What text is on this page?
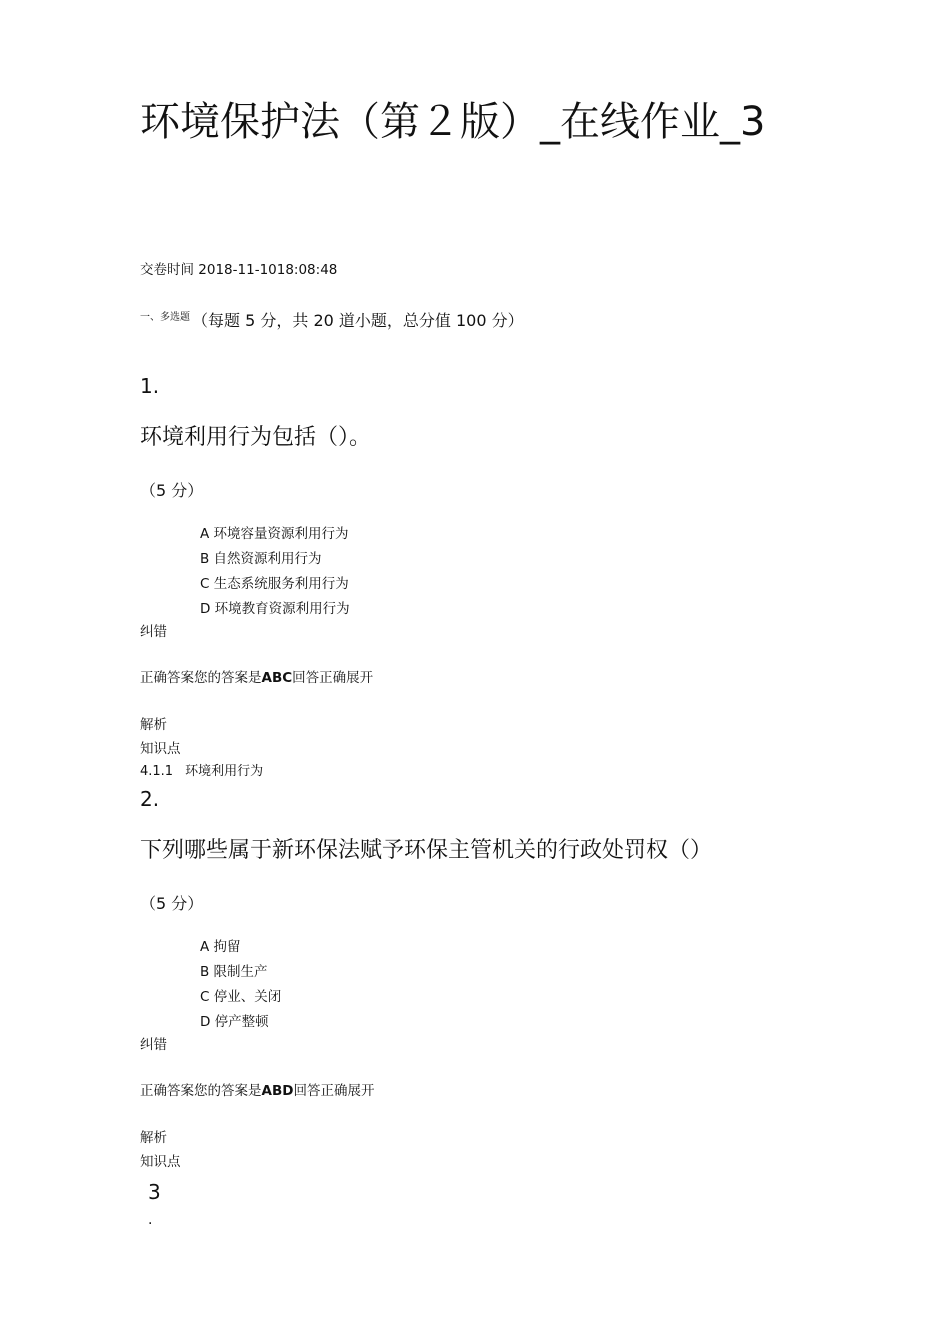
环境保护法（第２版）_在线作业_3
交卷时间 2018-11-1018:08:48
$^{一、多选题}$ （每题 5 分，共 20 道小题，总分值 100 分）
1.
环境利用行为包括（）。
（5 分）
A 环境容量资源利用行为
B 自然资源利用行为
C 生态系统服务利用行为
D 环境教育资源利用行为
纠错
正确答案您的答案是ABC回答正确展开
解析
知识点
4.1.1 环境利用行为
2.
下列哪些属于新环保法赋予环保主管机关的行政处罚权（）
（5 分）
A 拘留
B 限制生产
C 停业、关闭
D 停产整顿
纠错
正确答案您的答案是ABD回答正确展开
解析
知识点
3
.
